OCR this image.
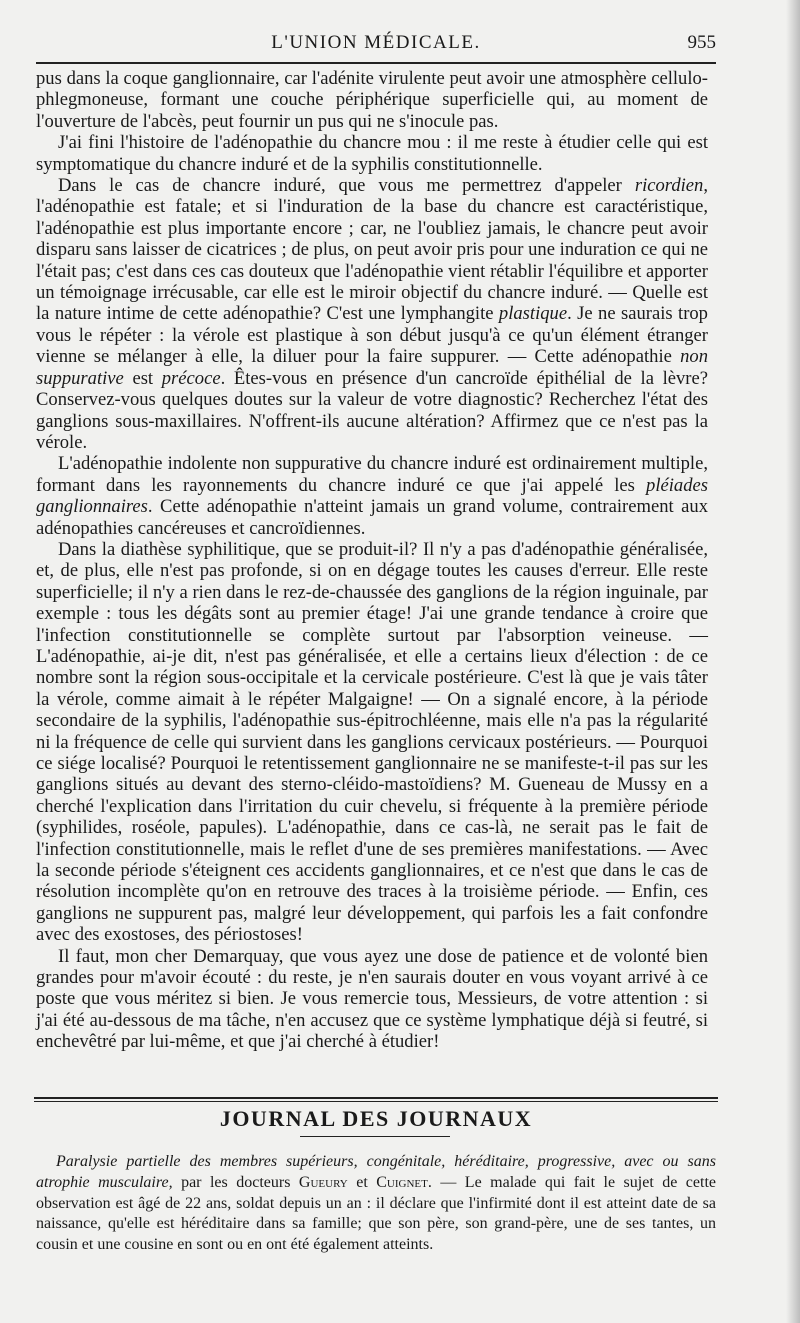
L'UNION MÉDICALE.	955

pus dans la coque ganglionnaire, car l'adénite virulente peut avoir une atmosphère cellulo-phlegmoneuse, formant une couche périphérique superficielle qui, au moment de l'ouverture de l'abcès, peut fournir un pus qui ne s'inocule pas.

J'ai fini l'histoire de l'adénopathie du chancre mou : il me reste à étudier celle qui est symptomatique du chancre induré et de la syphilis constitutionnelle.

Dans le cas de chancre induré, que vous me permettrez d'appeler ricordien, l'adénopathie est fatale; et si l'induration de la base du chancre est caractéristique, l'adénopathie est plus importante encore ; car, ne l'oubliez jamais, le chancre peut avoir disparu sans laisser de cicatrices ; de plus, on peut avoir pris pour une induration ce qui ne l'était pas; c'est dans ces cas douteux que l'adénopathie vient rétablir l'équilibre et apporter un témoignage irrécusable, car elle est le miroir objectif du chancre induré. — Quelle est la nature intime de cette adénopathie? C'est une lymphangite plastique. Je ne saurais trop vous le répéter : la vérole est plastique à son début jusqu'à ce qu'un élément étranger vienne se mélanger à elle, la diluer pour la faire suppurer. — Cette adénopathie non suppurative est précoce. Êtes-vous en présence d'un cancroïde épithélial de la lèvre? Conservez-vous quelques doutes sur la valeur de votre diagnostic? Recherchez l'état des ganglions sous-maxillaires. N'offrent-ils aucune altération? Affirmez que ce n'est pas la vérole.

L'adénopathie indolente non suppurative du chancre induré est ordinairement multiple, formant dans les rayonnements du chancre induré ce que j'ai appelé les pléiades ganglionnaires. Cette adénopathie n'atteint jamais un grand volume, contrairement aux adénopathies cancéreuses et cancroïdiennes.

Dans la diathèse syphilitique, que se produit-il? Il n'y a pas d'adénopathie généralisée, et, de plus, elle n'est pas profonde, si on en dégage toutes les causes d'erreur. Elle reste superficielle; il n'y a rien dans le rez-de-chaussée des ganglions de la région inguinale, par exemple : tous les dégâts sont au premier étage! J'ai une grande tendance à croire que l'infection constitutionnelle se complète surtout par l'absorption veineuse. — L'adénopathie, ai-je dit, n'est pas généralisée, et elle a certains lieux d'élection : de ce nombre sont la région sous-occipitale et la cervicale postérieure. C'est là que je vais tâter la vérole, comme aimait à le répéter Malgaigne! — On a signalé encore, à la période secondaire de la syphilis, l'adénopathie sus-épitrochléenne, mais elle n'a pas la régularité ni la fréquence de celle qui survient dans les ganglions cervicaux postérieurs. — Pourquoi ce siége localisé? Pourquoi le retentissement ganglionnaire ne se manifeste-t-il pas sur les ganglions situés au devant des sterno-cléido-mastoïdiens? M. Gueneau de Mussy en a cherché l'explication dans l'irritation du cuir chevelu, si fréquente à la première période (syphilides, roséole, papules). L'adénopathie, dans ce cas-là, ne serait pas le fait de l'infection constitutionnelle, mais le reflet d'une de ses premières manifestations. — Avec la seconde période s'éteignent ces accidents ganglionnaires, et ce n'est que dans le cas de résolution incomplète qu'on en retrouve des traces à la troisième période. — Enfin, ces ganglions ne suppurent pas, malgré leur développement, qui parfois les a fait confondre avec des exostoses, des périostoses!

Il faut, mon cher Demarquay, que vous ayez une dose de patience et de volonté bien grandes pour m'avoir écouté : du reste, je n'en saurais douter en vous voyant arrivé à ce poste que vous méritez si bien. Je vous remercie tous, Messieurs, de votre attention : si j'ai été au-dessous de ma tâche, n'en accusez que ce système lymphatique déjà si feutré, si enchevêtré par lui-même, et que j'ai cherché à étudier!

JOURNAL DES JOURNAUX

Paralysie partielle des membres supérieurs, congénitale, héréditaire, progressive, avec ou sans atrophie musculaire, par les docteurs Gueury et Cuignet. — Le malade qui fait le sujet de cette observation est âgé de 22 ans, soldat depuis un an : il déclare que l'infirmité dont il est atteint date de sa naissance, qu'elle est héréditaire dans sa famille; que son père, son grand-père, une de ses tantes, un cousin et une cousine en sont ou en ont été également atteints.
